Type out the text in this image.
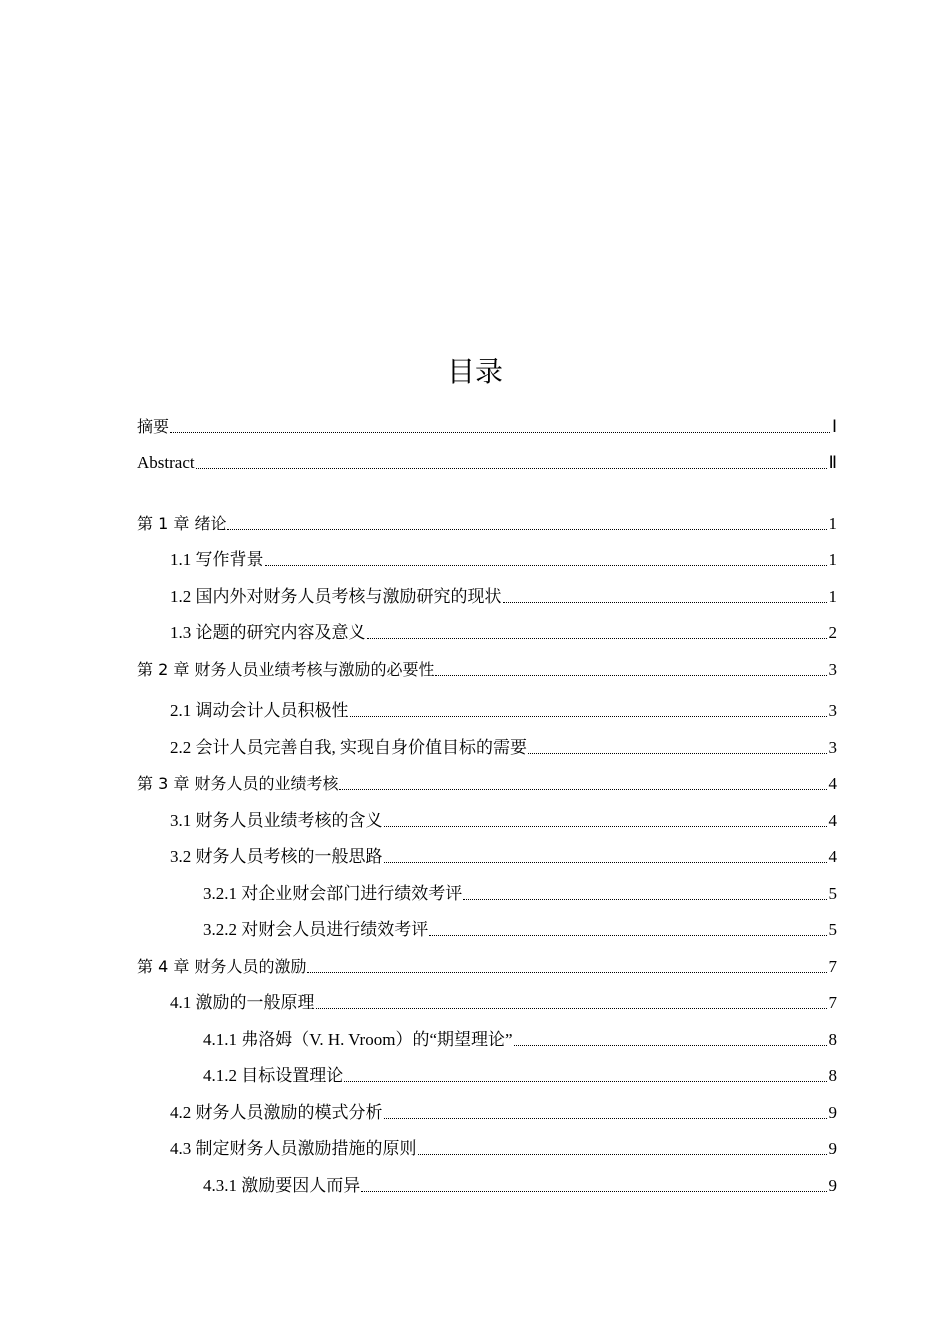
目录
摘要	Ⅰ
Abstract	Ⅱ
第 1 章 绪论	1
1.1 写作背景	1
1.2 国内外对财务人员考核与激励研究的现状	1
1.3 论题的研究内容及意义	2
第 2 章 财务人员业绩考核与激励的必要性	3
2.1 调动会计人员积极性	3
2.2 会计人员完善自我, 实现自身价值目标的需要	3
第 3 章 财务人员的业绩考核	4
3.1 财务人员业绩考核的含义	4
3.2 财务人员考核的一般思路	4
3.2.1 对企业财会部门进行绩效考评	5
3.2.2 对财会人员进行绩效考评	5
第 4 章 财务人员的激励	7
4.1 激励的一般原理	7
4.1.1 弗洛姆（V. H. Vroom）的“期望理论”	8
4.1.2 目标设置理论	8
4.2 财务人员激励的模式分析	9
4.3 制定财务人员激励措施的原则	9
4.3.1 激励要因人而异	9
